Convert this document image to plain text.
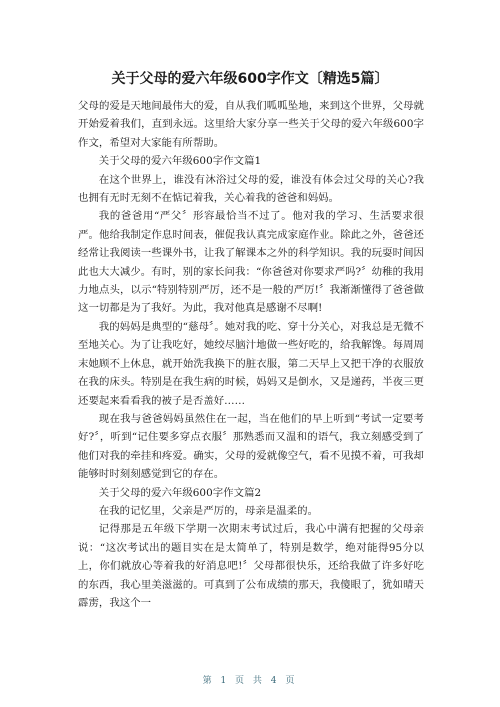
关于父母的爱六年级600字作文〔精选5篇〕

父母的爱是天地间最伟大的爱，自从我们呱呱坠地，来到这个世界，父母就开始爱着我们，直到永远。这里给大家分享一些关于父母的爱六年级600字作文，希望对大家能有所帮助。

关于父母的爱六年级600字作文篇1

在这个世界上，谁没有沐浴过父母的爱，谁没有体会过父母的关心?我也拥有无时无刻不在惦记着我，关心着我的爸爸和妈妈。

我的爸爸用“严父〞形容最恰当不过了。他对我的学习、生活要求很严。他给我制定作息时间表，催促我认真完成家庭作业。除此之外，爸爸还经常让我阅读一些课外书，让我了解课本之外的科学知识。我的玩耍时间因此也大大减少。有时，别的家长问我：“你爸爸对你要求严吗?〞幼稚的我用力地点头，以示“特别特别严厉，还不是一般的严厉!〞我渐渐懂得了爸爸做这一切都是为了我好。为此，我对他真是感谢不尽啊!

我的妈妈是典型的“慈母〞。她对我的吃、穿十分关心，对我总是无微不至地关心。为了让我吃好，她绞尽脑汁地做一些好吃的，给我解馋。每周周末她顾不上休息，就开始洗我换下的脏衣服，第二天早上又把干净的衣服放在我的床头。特别是在我生病的时候，妈妈又是倒水，又是递药，半夜三更还要起来看看我的被子是否盖好……

现在我与爸爸妈妈虽然住在一起，当在他们的早上听到“考试一定要考好?〞，听到“记住要多穿点衣服〞那熟悉而又温和的语气，我立刻感受到了他们对我的牵挂和疼爱。确实，父母的爱就像空气，看不见摸不着，可我却能够时时刻刻感觉到它的存在。

关于父母的爱六年级600字作文篇2

在我的记忆里，父亲是严厉的，母亲是温柔的。

记得那是五年级下学期一次期末考试过后，我心中满有把握的父母亲说：“这次考试出的题目实在是太简单了，特别是数学，绝对能得95分以上，你们就放心等着我的好消息吧!〞父母都很快乐，还给我做了许多好吃的东西，我心里美滋滋的。可真到了公布成绩的那天，我傻眼了，犹如晴天霹雳，我这个一

第 1 页 共 4 页
